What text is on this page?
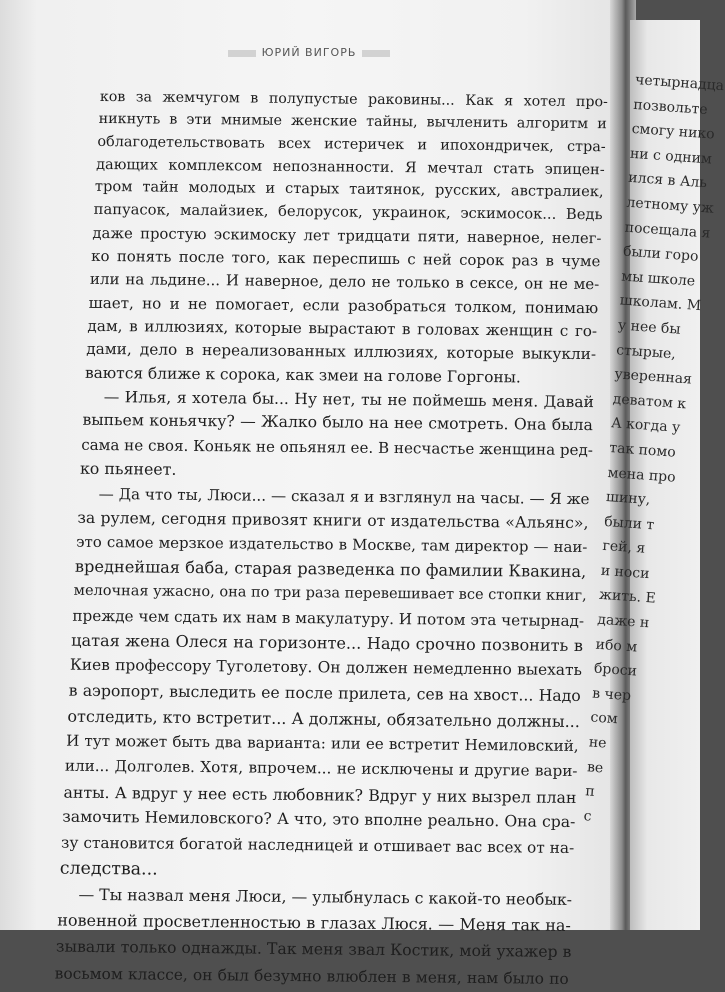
четырнадца
позвольте
смогу нико
ни с одним
ился в Аль
летному уж
посещала я
были горо
мы школе
школам. М
у нее бы
стырые,
уверенная
деватом к
А когда у
так помо
мена про
шину,
были т
гей, я
и носи
жить. Е
даже н
ибо м
броси
в чер
сом
не
ве
п
с
ЮРИЙ ВИГОРЬ
ков за жемчугом в полупустые раковины... Как я хотел про-
никнуть в эти мнимые женские тайны, вычленить алгоритм и
облагодетельствовать всех истеричек и ипохондричек, стра-
дающих комплексом непознанности. Я мечтал стать эпицен-
тром тайн молодых и старых таитянок, русских, австралиек,
папуасок, малайзиек, белорусок, украинок, эскимосок... Ведь
даже простую эскимоску лет тридцати пяти, наверное, нелег-
ко понять после того, как переспишь с ней сорок раз в чуме
или на льдине... И наверное, дело не только в сексе, он не ме-
шает, но и не помогает, если разобраться толком, понимаю
дам, в иллюзиях, которые вырастают в головах женщин с го-
дами, дело в нереализованных иллюзиях, которые выкукли-
ваются ближе к сорока, как змеи на голове Горгоны.
— Илья, я хотела бы... Ну нет, ты не поймешь меня. Давай
выпьем коньячку? — Жалко было на нее смотреть. Она была
сама не своя. Коньяк не опьянял ее. В несчастье женщина ред-
ко пьянеет.
— Да что ты, Люси... — сказал я и взглянул на часы. — Я же
за рулем, сегодня привозят книги от издательства «Альянс»,
это самое мерзкое издательство в Москве, там директор — наи-
вреднейшая баба, старая разведенка по фамилии Квакина,
мелочная ужасно, она по три раза перевешивает все стопки книг,
прежде чем сдать их нам в макулатуру. И потом эта четырнад-
цатая жена Олеся на горизонте... Надо срочно позвонить в
Киев профессору Туголетову. Он должен немедленно выехать
в аэропорт, выследить ее после прилета, сев на хвост... Надо
отследить, кто встретит... А должны, обязательно должны...
И тут может быть два варианта: или ее встретит Немиловский,
или... Долголев. Хотя, впрочем... не исключены и другие вари-
анты. А вдруг у нее есть любовник? Вдруг у них вызрел план
замочить Немиловского? А что, это вполне реально. Она сра-
зу становится богатой наследницей и отшивает вас всех от на-
следства...
— Ты назвал меня Люси, — улыбнулась с какой-то необык-
новенной просветленностью в глазах Люся. — Меня так на-
зывали только однажды. Так меня звал Костик, мой ухажер в
восьмом классе, он был безумно влюблен в меня, нам было по
